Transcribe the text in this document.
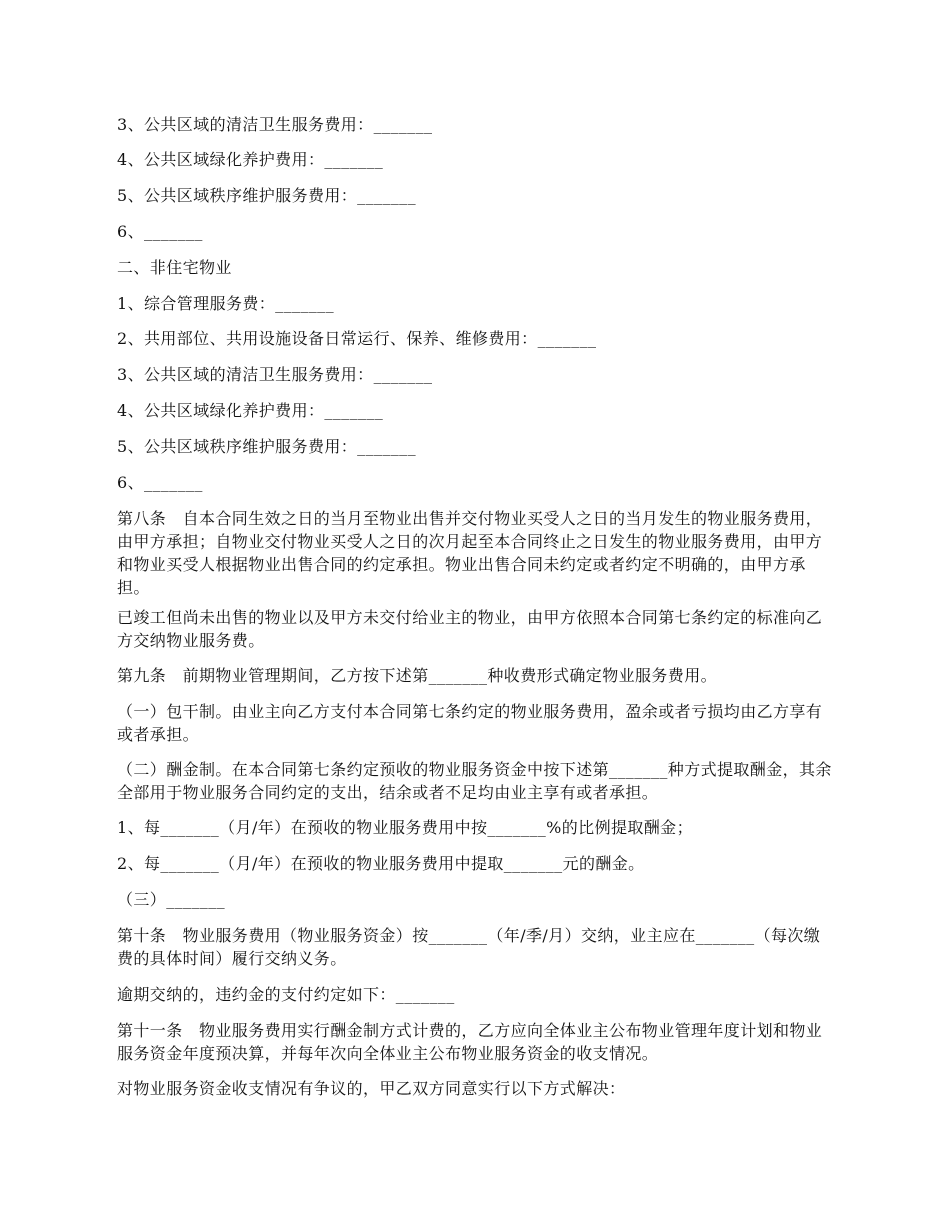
3、公共区域的清洁卫生服务费用：_______

4、公共区域绿化养护费用：_______

5、公共区域秩序维护服务费用：_______

6、_______

二、非住宅物业

1、综合管理服务费：_______

2、共用部位、共用设施设备日常运行、保养、维修费用：_______

3、公共区域的清洁卫生服务费用：_______

4、公共区域绿化养护费用：_______

5、公共区域秩序维护服务费用：_______

6、_______

第八条　自本合同生效之日的当月至物业出售并交付物业买受人之日的当月发生的物业服务费用，由甲方承担；自物业交付物业买受人之日的次月起至本合同终止之日发生的物业服务费用，由甲方和物业买受人根据物业出售合同的约定承担。物业出售合同未约定或者约定不明确的，由甲方承担。

已竣工但尚未出售的物业以及甲方未交付给业主的物业，由甲方依照本合同第七条约定的标准向乙方交纳物业服务费。

第九条　前期物业管理期间，乙方按下述第_______种收费形式确定物业服务费用。

（一）包干制。由业主向乙方支付本合同第七条约定的物业服务费用，盈余或者亏损均由乙方享有或者承担。

（二）酬金制。在本合同第七条约定预收的物业服务资金中按下述第_______种方式提取酬金，其余全部用于物业服务合同约定的支出，结余或者不足均由业主享有或者承担。

1、每_______（月/年）在预收的物业服务费用中按_______%的比例提取酬金；

2、每_______（月/年）在预收的物业服务费用中提取_______元的酬金。

（三）_______

第十条　物业服务费用（物业服务资金）按_______（年/季/月）交纳，业主应在_______（每次缴费的具体时间）履行交纳义务。

逾期交纳的，违约金的支付约定如下：_______

第十一条　物业服务费用实行酬金制方式计费的，乙方应向全体业主公布物业管理年度计划和物业服务资金年度预决算，并每年次向全体业主公布物业服务资金的收支情况。

对物业服务资金收支情况有争议的，甲乙双方同意实行以下方式解决：
